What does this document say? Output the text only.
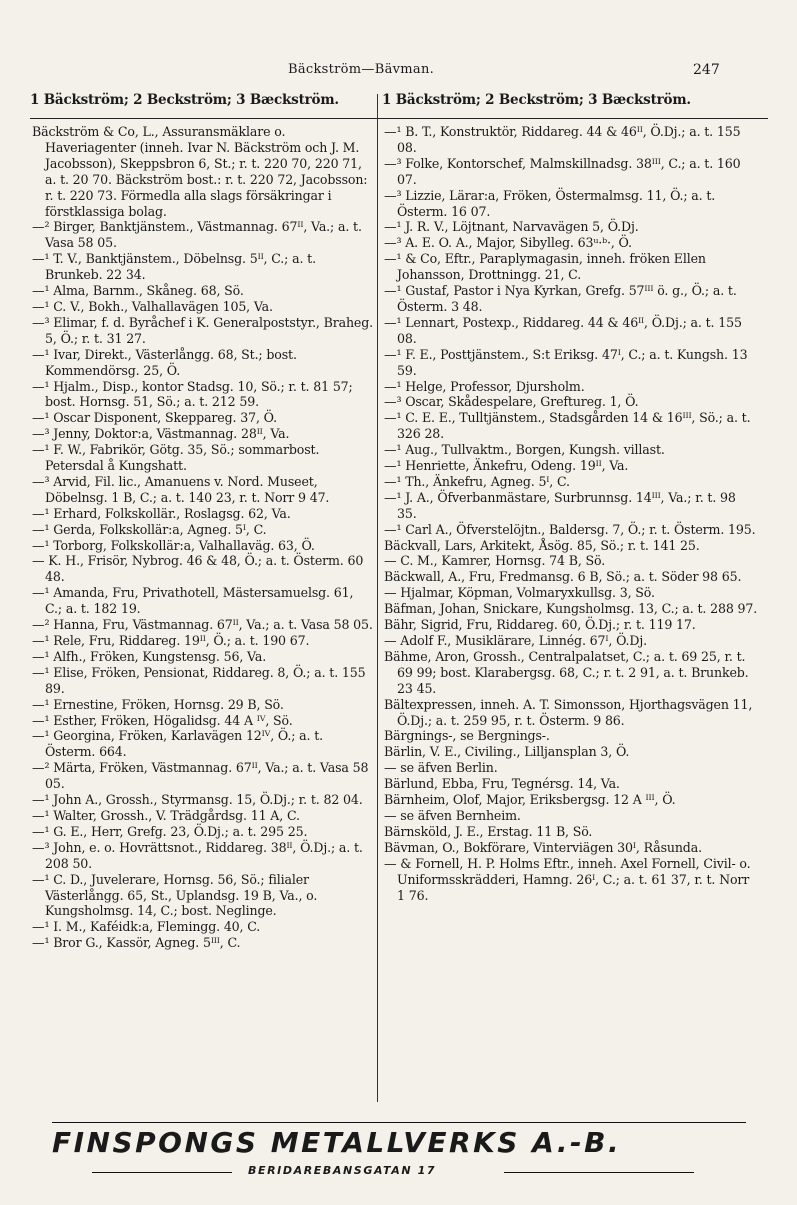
Bäckström—Bävman.	247
1 Bäckström; 2 Beckström; 3 Bæckström.	1 Bäckström; 2 Beckström; 3 Bæckström.
Bäckström & Co, L., Assuransmäklare o. Haveriagenter (inneh. Ivar N. Bäckström och J. M. Jacobsson), Skeppsbron 6, St.; r. t. 220 70, 220 71, a. t. 20 70. Bäckström bost.: r. t. 220 72, Jacobsson: r. t. 220 73. Förmedla alla slags försäkringar i förstklassiga bolag.
—² Birger, Banktjänstem., Västmannag. 67ᴵᴵ, Va.; a. t. Vasa 58 05.
—¹ T. V., Banktjänstem., Döbelnsg. 5ᴵᴵ, C.; a. t. Brunkeb. 22 34.
—¹ Alma, Barnm., Skåneg. 68, Sö.
—¹ C. V., Bokh., Valhallavägen 105, Va.
—³ Elimar, f. d. Byråchef i K. Generalpoststyr., Braheg. 5, Ö.; r. t. 31 27.
—¹ Ivar, Direkt., Västerlångg. 68, St.; bost. Kommendörsg. 25, Ö.
—¹ Hjalm., Disp., kontor Stadsg. 10, Sö.; r. t. 81 57; bost. Hornsg. 51, Sö.; a. t. 212 59.
—¹ Oscar Disponent, Skeppareg. 37, Ö.
—³ Jenny, Doktor:a, Västmannag. 28ᴵᴵ, Va.
—¹ F. W., Fabrikör, Götg. 35, Sö.; sommarbost. Petersdal å Kungshatt.
—³ Arvid, Fil. lic., Amanuens v. Nord. Museet, Döbelnsg. 1 B, C.; a. t. 140 23, r. t. Norr 9 47.
—¹ Erhard, Folkskollär., Roslagsg. 62, Va.
—¹ Gerda, Folkskollär:a, Agneg. 5ᴵ, C.
—¹ Torborg, Folkskollär:a, Valhallaväg. 63, Ö.
— K. H., Frisör, Nybrog. 46 & 48, Ö.; a. t. Österm. 60 48.
—¹ Amanda, Fru, Privathotell, Mästersamuelsg. 61, C.; a. t. 182 19.
—² Hanna, Fru, Västmannag. 67ᴵᴵ, Va.; a. t. Vasa 58 05.
—¹ Rele, Fru, Riddareg. 19ᴵᴵ, Ö.; a. t. 190 67.
—¹ Alfh., Fröken, Kungstensg. 56, Va.
—¹ Elise, Fröken, Pensionat, Riddareg. 8, Ö.; a. t. 155 89.
—¹ Ernestine, Fröken, Hornsg. 29 B, Sö.
—¹ Esther, Fröken, Högalidsg. 44 A ᴵⱽ, Sö.
—¹ Georgina, Fröken, Karlavägen 12ᴵⱽ, Ö.; a. t. Österm. 664.
—² Märta, Fröken, Västmannag. 67ᴵᴵ, Va.; a. t. Vasa 58 05.
—¹ John A., Grossh., Styrmansg. 15, Ö.Dj.; r. t. 82 04.
—¹ Walter, Grossh., V. Trädgårdsg. 11 A, C.
—¹ G. E., Herr, Grefg. 23, Ö.Dj.; a. t. 295 25.
—³ John, e. o. Hovrättsnot., Riddareg. 38ᴵᴵ, Ö.Dj.; a. t. 208 50.
—¹ C. D., Juvelerare, Hornsg. 56, Sö.; filialer Västerlångg. 65, St., Uplandsg. 19 B, Va., o. Kungsholmsg. 14, C.; bost. Neglinge.
—¹ I. M., Kaféidk:a, Flemingg. 40, C.
—¹ Bror G., Kassör, Agneg. 5ᴵᴵᴵ, C.
—¹ B. T., Konstruktör, Riddareg. 44 & 46ᴵᴵ, Ö.Dj.; a. t. 155 08.
—³ Folke, Kontorschef, Malmskillnadsg. 38ᴵᴵᴵ, C.; a. t. 160 07.
—³ Lizzie, Lärar:a, Fröken, Östermalmsg. 11, Ö.; a. t. Österm. 16 07.
—¹ J. R. V., Löjtnant, Narvavägen 5, Ö.Dj.
—³ A. E. O. A., Major, Sibylleg. 63ᵘ·ᵇ·, Ö.
—¹ & Co, Eftr., Paraplymagasin, inneh. fröken Ellen Johansson, Drottningg. 21, C.
—¹ Gustaf, Pastor i Nya Kyrkan, Grefg. 57ᴵᴵᴵ ö. g., Ö.; a. t. Österm. 3 48.
—¹ Lennart, Postexp., Riddareg. 44 & 46ᴵᴵ, Ö.Dj.; a. t. 155 08.
—¹ F. E., Posttjänstem., S:t Eriksg. 47ᴵ, C.; a. t. Kungsh. 13 59.
—¹ Helge, Professor, Djursholm.
—³ Oscar, Skådespelare, Greftureg. 1, Ö.
—¹ C. E. E., Tulltjänstem., Stadsgården 14 & 16ᴵᴵᴵ, Sö.; a. t. 326 28.
—¹ Aug., Tullvaktm., Borgen, Kungsh. villast.
—¹ Henriette, Änkefru, Odeng. 19ᴵᴵ, Va.
—¹ Th., Änkefru, Agneg. 5ᴵ, C.
—¹ J. A., Öfverbanmästare, Surbrunnsg. 14ᴵᴵᴵ, Va.; r. t. 98 35.
—¹ Carl A., Öfverstelöjtn., Baldersg. 7, Ö.; r. t. Österm. 195.
Bäckvall, Lars, Arkitekt, Åsög. 85, Sö.; r. t. 141 25.
— C. M., Kamrer, Hornsg. 74 B, Sö.
Bäckwall, A., Fru, Fredmansg. 6 B, Sö.; a. t. Söder 98 65.
— Hjalmar, Köpman, Volmaryxkullsg. 3, Sö.
Bäfman, Johan, Snickare, Kungsholmsg. 13, C.; a. t. 288 97.
Bähr, Sigrid, Fru, Riddareg. 60, Ö.Dj.; r. t. 119 17.
— Adolf F., Musiklärare, Linnég. 67ᴵ, Ö.Dj.
Bähme, Aron, Grossh., Centralpalatset, C.; a. t. 69 25, r. t. 69 99; bost. Klarabergsg. 68, C.; r. t. 2 91, a. t. Brunkeb. 23 45.
Bältexpressen, inneh. A. T. Simonsson, Hjorthagsvägen 11, Ö.Dj.; a. t. 259 95, r. t. Österm. 9 86.
Bärgnings-, se Bergnings-.
Bärlin, V. E., Civiling., Lilljansplan 3, Ö.
— se äfven Berlin.
Bärlund, Ebba, Fru, Tegnérsg. 14, Va.
Bärnheim, Olof, Major, Eriksbergsg. 12 A ᴵᴵᴵ, Ö.
— se äfven Bernheim.
Bärnsköld, J. E., Erstag. 11 B, Sö.
Bävman, O., Bokförare, Vinterviägen 30ᴵ, Råsunda.
— & Fornell, H. P. Holms Eftr., inneh. Axel Fornell, Civil- o. Uniformsskrädderi, Hamng. 26ᴵ, C.; a. t. 61 37, r. t. Norr 1 76.
FINSPONGS METALLVERKS A.-B.
BERIDAREBANSGATAN 17
